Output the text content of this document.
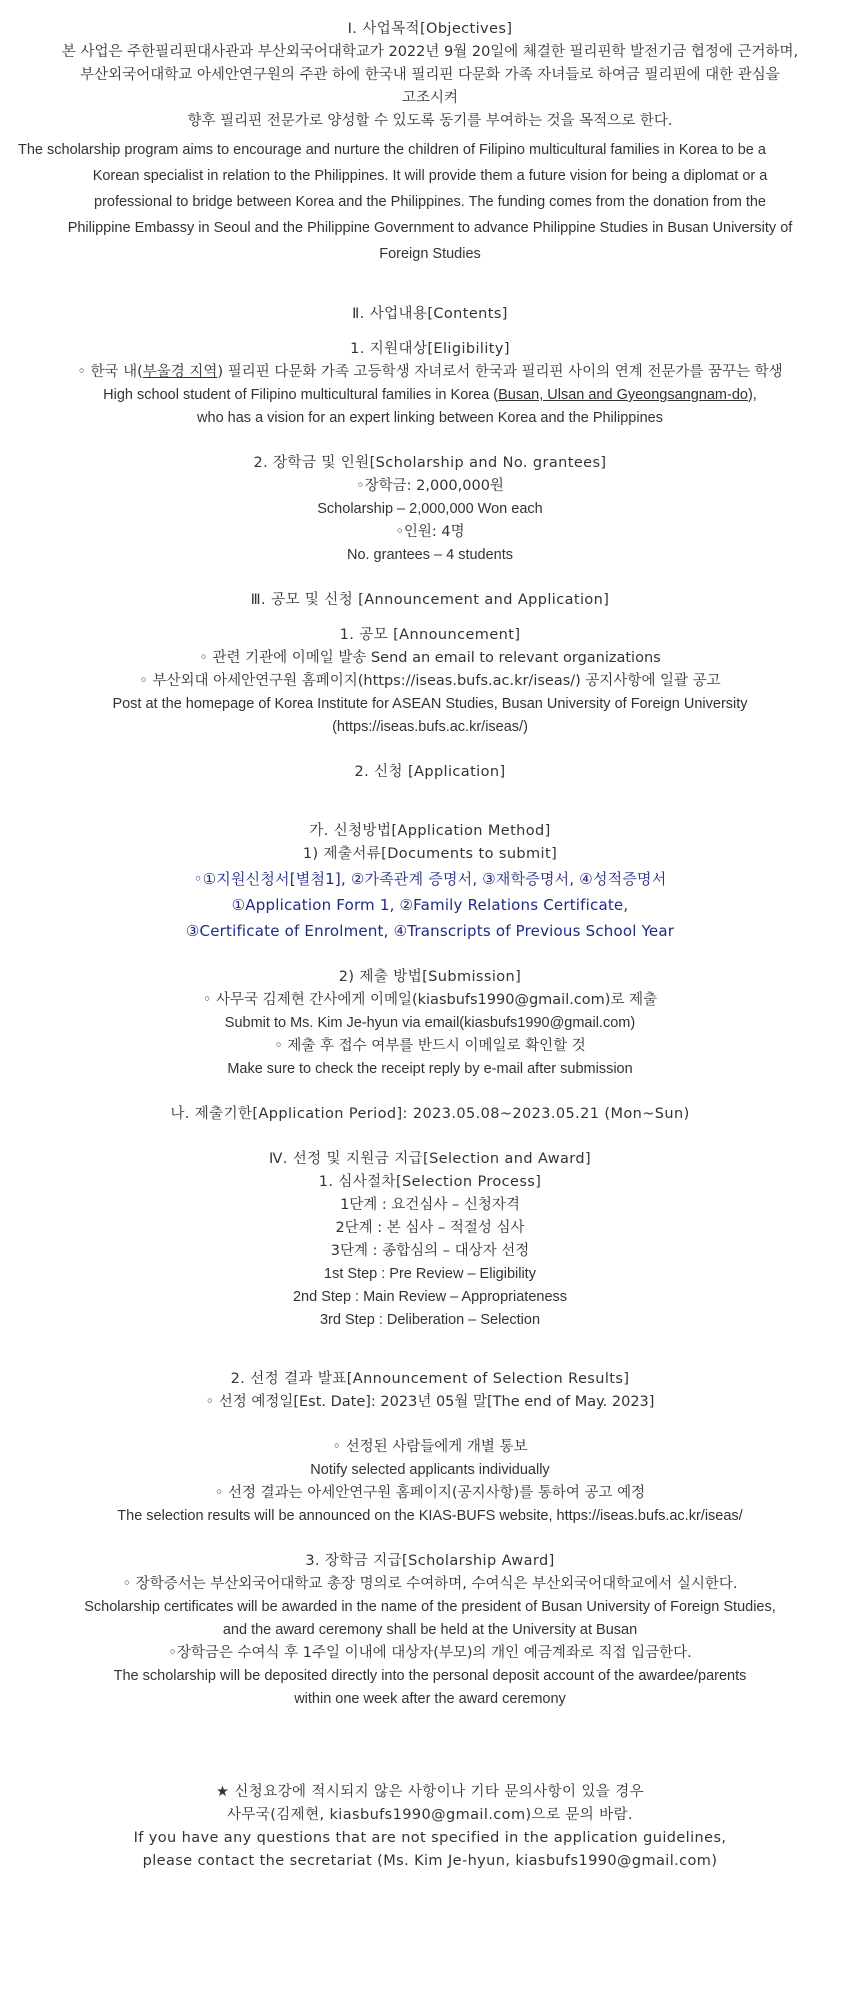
Ⅰ. 사업목적[Objectives]

본 사업은 주한필리핀대사관과 부산외국어대학교가 2022년 9월 20일에 체결한 필리핀학 발전기금 협정에 근거하며,

부산외국어대학교 아세안연구원의 주관 하에 한국내 필리핀 다문화 가족 자녀들로 하여금 필리핀에 대한 관심을

고조시켜

향후 필리핀 전문가로 양성할 수 있도록 동기를 부여하는 것을 목적으로 한다.

The scholarship program aims to encourage and nurture the children of Filipino multicultural families in Korea to be a
Korean specialist in relation to the Philippines. It will provide them a future vision for being a diplomat or a
professional to bridge between Korea and the Philippines. The funding comes from the donation from the
Philippine Embassy in Seoul and the Philippine Government to advance Philippine Studies in Busan University of
Foreign Studies

Ⅱ. 사업내용[Contents]

1. 지원대상[Eligibility]

◦ 한국 내(부울경 지역) 필리핀 다문화 가족 고등학생 자녀로서 한국과 필리핀 사이의 연계 전문가를 꿈꾸는 학생

High school student of Filipino multicultural families in Korea (Busan, Ulsan and Gyeongsangnam-do),

who has a vision for an expert linking between Korea and the Philippines

2. 장학금 및 인원[Scholarship and No. grantees]

◦장학금: 2,000,000원

Scholarship – 2,000,000 Won each

◦인원: 4명

No. grantees – 4 students

Ⅲ. 공모 및 신청 [Announcement and Application]

1. 공모 [Announcement]

◦ 관련 기관에 이메일 발송 Send an email to relevant organizations

◦ 부산외대 아세안연구원 홈페이지(https://iseas.bufs.ac.kr/iseas/) 공지사항에 일괄 공고

Post at the homepage of Korea Institute for ASEAN Studies, Busan University of Foreign University

(https://iseas.bufs.ac.kr/iseas/)

2. 신청 [Application]

가. 신청방법[Application Method]

1) 제출서류[Documents to submit]

◦①지원신청서[별첨1], ②가족관계 증명서, ③재학증명서, ④성적증명서

①Application Form 1, ②Family Relations Certificate,

③Certificate of Enrolment, ④Transcripts of Previous School Year

2) 제출 방법[Submission]

◦ 사무국 김제현 간사에게 이메일(kiasbufs1990@gmail.com)로 제출

Submit to Ms. Kim Je-hyun via email(kiasbufs1990@gmail.com)

◦ 제출 후 접수 여부를 반드시 이메일로 확인할 것

Make sure to check the receipt reply by e-mail after submission

나. 제출기한[Application Period]: 2023.05.08~2023.05.21 (Mon~Sun)

Ⅳ. 선정 및 지원금 지급[Selection and Award]

1. 심사절차[Selection Process]

1단계 : 요건심사 – 신청자격

2단계 : 본 심사 – 적절성 심사

3단계 : 종합심의 – 대상자 선정

1st Step : Pre Review – Eligibility

2nd Step : Main Review – Appropriateness

3rd Step : Deliberation – Selection

2. 선정 결과 발표[Announcement of Selection Results]

◦ 선정 예정일[Est. Date]: 2023년 05월 말[The end of May. 2023]

◦ 선정된 사람들에게 개별 통보

Notify selected applicants individually

◦ 선정 결과는 아세안연구원 홈페이지(공지사항)를 통하여 공고 예정

The selection results will be announced on the KIAS-BUFS website, https://iseas.bufs.ac.kr/iseas/

3. 장학금 지급[Scholarship Award]

◦ 장학증서는 부산외국어대학교 총장 명의로 수여하며, 수여식은 부산외국어대학교에서 실시한다.

Scholarship certificates will be awarded in the name of the president of Busan University of Foreign Studies,

and the award ceremony shall be held at the University at Busan

◦장학금은 수여식 후 1주일 이내에 대상자(부모)의 개인 예금계좌로 직접 입금한다.

The scholarship will be deposited directly into the personal deposit account of the awardee/parents

within one week after the award ceremony

★ 신청요강에 적시되지 않은 사항이나 기타 문의사항이 있을 경우

사무국(김제현, kiasbufs1990@gmail.com)으로 문의 바람.

If you have any questions that are not specified in the application guidelines,

please contact the secretariat (Ms. Kim Je-hyun, kiasbufs1990@gmail.com)
